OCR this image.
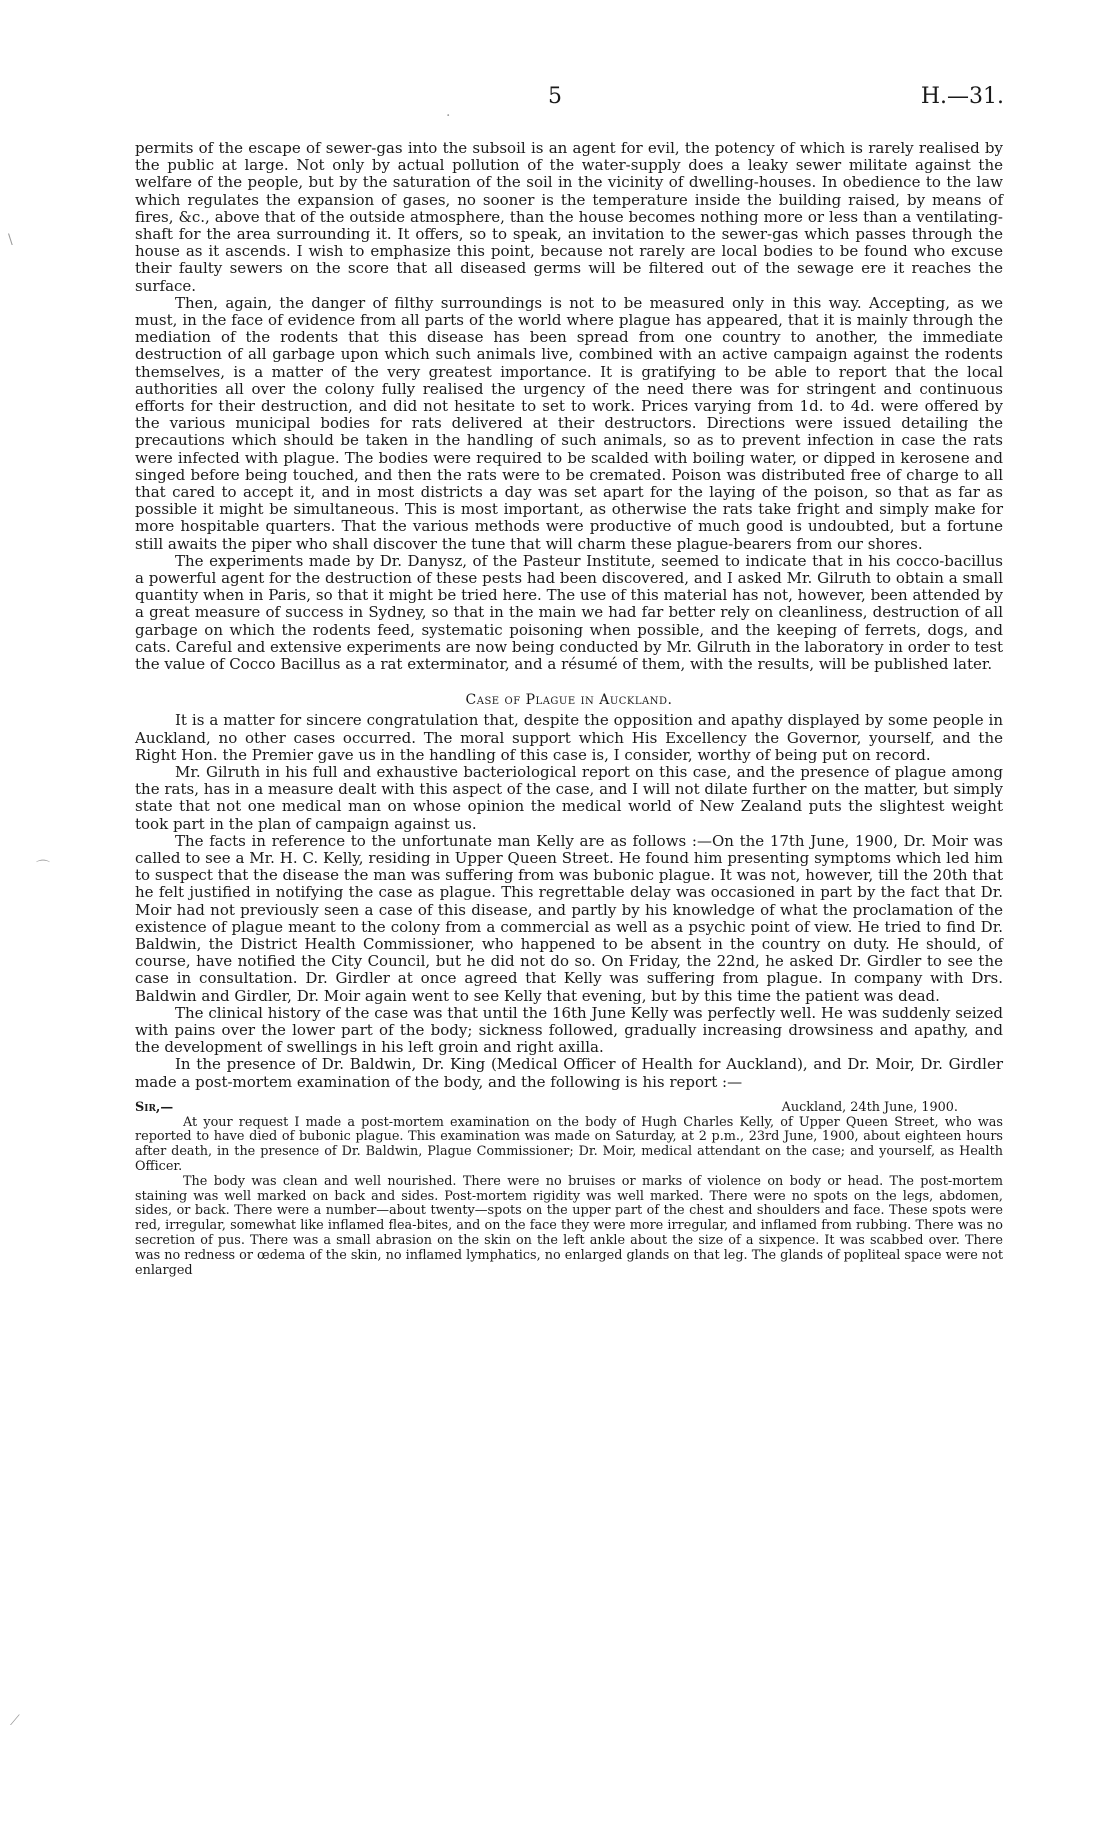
5	H.—31.
·
\
⌒
⟋

permits of the escape of sewer-gas into the subsoil is an agent for evil, the potency of which is rarely realised by the public at large. Not only by actual pollution of the water-supply does a leaky sewer militate against the welfare of the people, but by the saturation of the soil in the vicinity of dwelling-houses. In obedience to the law which regulates the expansion of gases, no sooner is the temperature inside the building raised, by means of fires, &c., above that of the outside atmosphere, than the house becomes nothing more or less than a ventilating-shaft for the area surrounding it. It offers, so to speak, an invitation to the sewer-gas which passes through the house as it ascends. I wish to emphasize this point, because not rarely are local bodies to be found who excuse their faulty sewers on the score that all diseased germs will be filtered out of the sewage ere it reaches the surface.

Then, again, the danger of filthy surroundings is not to be measured only in this way. Accepting, as we must, in the face of evidence from all parts of the world where plague has appeared, that it is mainly through the mediation of the rodents that this disease has been spread from one country to another, the immediate destruction of all garbage upon which such animals live, combined with an active campaign against the rodents themselves, is a matter of the very greatest importance. It is gratifying to be able to report that the local authorities all over the colony fully realised the urgency of the need there was for stringent and continuous efforts for their destruction, and did not hesitate to set to work. Prices varying from 1d. to 4d. were offered by the various municipal bodies for rats delivered at their destructors. Directions were issued detailing the precautions which should be taken in the handling of such animals, so as to prevent infection in case the rats were infected with plague. The bodies were required to be scalded with boiling water, or dipped in kerosene and singed before being touched, and then the rats were to be cremated. Poison was distributed free of charge to all that cared to accept it, and in most districts a day was set apart for the laying of the poison, so that as far as possible it might be simultaneous. This is most important, as otherwise the rats take fright and simply make for more hospitable quarters. That the various methods were productive of much good is undoubted, but a fortune still awaits the piper who shall discover the tune that will charm these plague-bearers from our shores.

The experiments made by Dr. Danysz, of the Pasteur Institute, seemed to indicate that in his cocco-bacillus a powerful agent for the destruction of these pests had been discovered, and I asked Mr. Gilruth to obtain a small quantity when in Paris, so that it might be tried here. The use of this material has not, however, been attended by a great measure of success in Sydney, so that in the main we had far better rely on cleanliness, destruction of all garbage on which the rodents feed, systematic poisoning when possible, and the keeping of ferrets, dogs, and cats. Careful and extensive experiments are now being conducted by Mr. Gilruth in the laboratory in order to test the value of Cocco Bacillus as a rat exterminator, and a résumé of them, with the results, will be published later.

Case of Plague in Auckland.

It is a matter for sincere congratulation that, despite the opposition and apathy displayed by some people in Auckland, no other cases occurred. The moral support which His Excellency the Governor, yourself, and the Right Hon. the Premier gave us in the handling of this case is, I consider, worthy of being put on record.

Mr. Gilruth in his full and exhaustive bacteriological report on this case, and the presence of plague among the rats, has in a measure dealt with this aspect of the case, and I will not dilate further on the matter, but simply state that not one medical man on whose opinion the medical world of New Zealand puts the slightest weight took part in the plan of campaign against us.

The facts in reference to the unfortunate man Kelly are as follows :—On the 17th June, 1900, Dr. Moir was called to see a Mr. H. C. Kelly, residing in Upper Queen Street. He found him presenting symptoms which led him to suspect that the disease the man was suffering from was bubonic plague. It was not, however, till the 20th that he felt justified in notifying the case as plague. This regrettable delay was occasioned in part by the fact that Dr. Moir had not previously seen a case of this disease, and partly by his knowledge of what the proclamation of the existence of plague meant to the colony from a commercial as well as a psychic point of view. He tried to find Dr. Baldwin, the District Health Commissioner, who happened to be absent in the country on duty. He should, of course, have notified the City Council, but he did not do so. On Friday, the 22nd, he asked Dr. Girdler to see the case in consultation. Dr. Girdler at once agreed that Kelly was suffering from plague. In company with Drs. Baldwin and Girdler, Dr. Moir again went to see Kelly that evening, but by this time the patient was dead.

The clinical history of the case was that until the 16th June Kelly was perfectly well. He was suddenly seized with pains over the lower part of the body; sickness followed, gradually increasing drowsiness and apathy, and the development of swellings in his left groin and right axilla.

In the presence of Dr. Baldwin, Dr. King (Medical Officer of Health for Auckland), and Dr. Moir, Dr. Girdler made a post-mortem examination of the body, and the following is his report :—

Sir,—	Auckland, 24th June, 1900.

At your request I made a post-mortem examination on the body of Hugh Charles Kelly, of Upper Queen Street, who was reported to have died of bubonic plague. This examination was made on Saturday, at 2 p.m., 23rd June, 1900, about eighteen hours after death, in the presence of Dr. Baldwin, Plague Commissioner; Dr. Moir, medical attendant on the case; and yourself, as Health Officer.

The body was clean and well nourished. There were no bruises or marks of violence on body or head. The post-mortem staining was well marked on back and sides. Post-mortem rigidity was well marked. There were no spots on the legs, abdomen, sides, or back. There were a number—about twenty—spots on the upper part of the chest and shoulders and face. These spots were red, irregular, somewhat like inflamed flea-bites, and on the face they were more irregular, and inflamed from rubbing. There was no secretion of pus. There was a small abrasion on the skin on the left ankle about the size of a sixpence. It was scabbed over. There was no redness or œdema of the skin, no inflamed lymphatics, no enlarged glands on that leg. The glands of popliteal space were not enlarged
